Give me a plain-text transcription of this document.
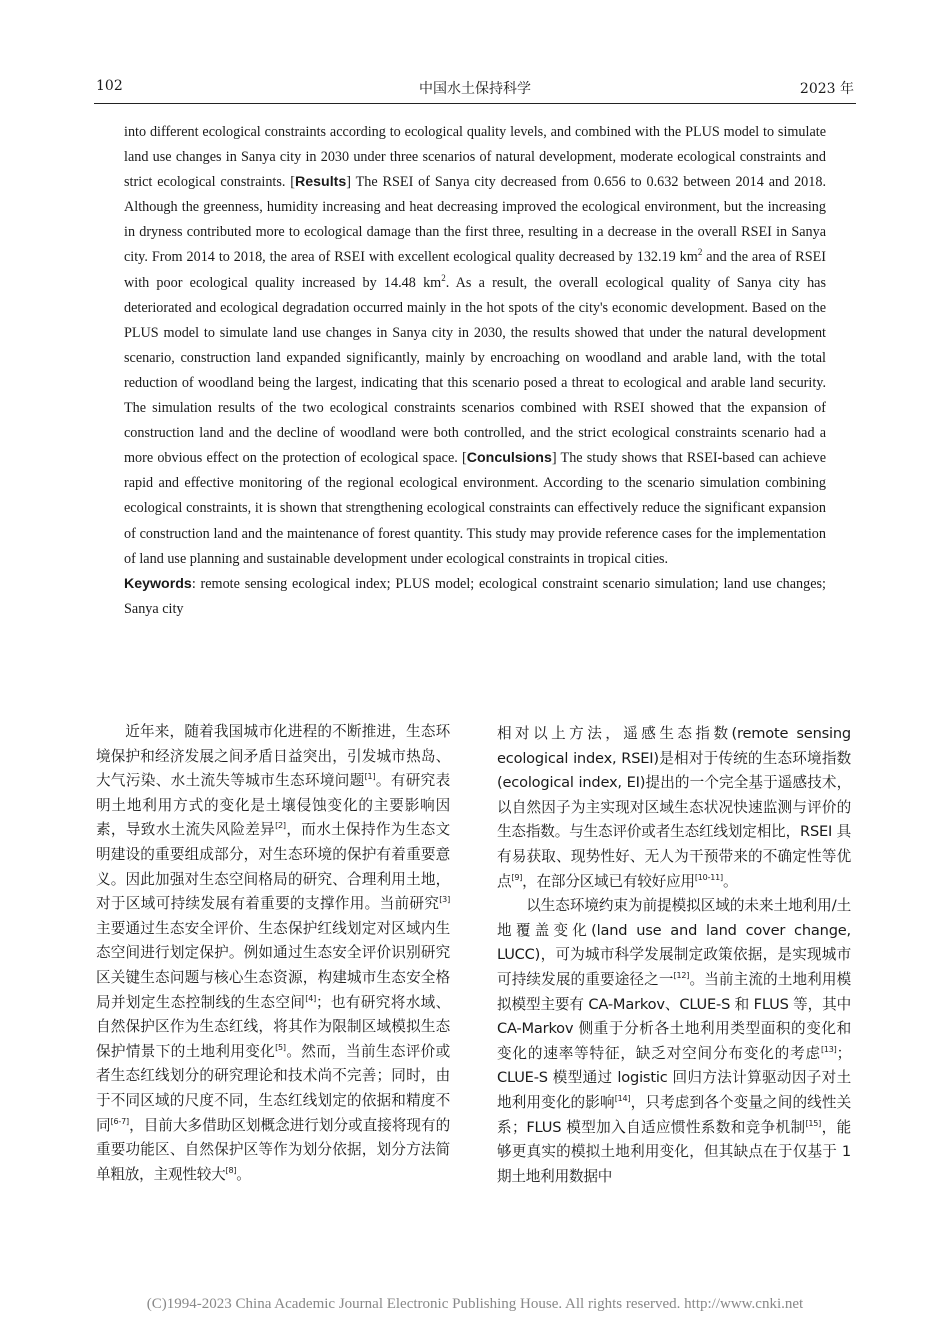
102	中国水土保持科学	2023 年

into different ecological constraints according to ecological quality levels, and combined with the PLUS model to simulate land use changes in Sanya city in 2030 under three scenarios of natural development, moderate ecological constraints and strict ecological constraints. [Results] The RSEI of Sanya city decreased from 0.656 to 0.632 between 2014 and 2018. Although the greenness, humidity increasing and heat decreasing improved the ecological environment, but the increasing in dryness contributed more to ecological damage than the first three, resulting in a decrease in the overall RSEI in Sanya city. From 2014 to 2018, the area of RSEI with excellent ecological quality decreased by 132.19 $km^2$ and the area of RSEI with poor ecological quality increased by 14.48 $km^2$. As a result, the overall ecological quality of Sanya city has deteriorated and ecological degradation occurred mainly in the hot spots of the city's economic development. Based on the PLUS model to simulate land use changes in Sanya city in 2030, the results showed that under the natural development scenario, construction land expanded significantly, mainly by encroaching on woodland and arable land, with the total reduction of woodland being the largest, indicating that this scenario posed a threat to ecological and arable land security. The simulation results of the two ecological constraints scenarios combined with RSEI showed that the expansion of construction land and the decline of woodland were both controlled, and the strict ecological constraints scenario had a more obvious effect on the protection of ecological space. [Conculsions] The study shows that RSEI-based can achieve rapid and effective monitoring of the regional ecological environment. According to the scenario simulation combining ecological constraints, it is shown that strengthening ecological constraints can effectively reduce the significant expansion of construction land and the maintenance of forest quantity. This study may provide reference cases for the implementation of land use planning and sustainable development under ecological constraints in tropical cities.

Keywords: remote sensing ecological index; PLUS model; ecological constraint scenario simulation; land use changes; Sanya city

近年来，随着我国城市化进程的不断推进，生态环境保护和经济发展之间矛盾日益突出，引发城市热岛、大气污染、水土流失等城市生态环境问题[1]。有研究表明土地利用方式的变化是土壤侵蚀变化的主要影响因素，导致水土流失风险差异[2]，而水土保持作为生态文明建设的重要组成部分，对生态环境的保护有着重要意义。因此加强对生态空间格局的研究、合理利用土地，对于区域可持续发展有着重要的支撑作用。当前研究[3]主要通过生态安全评价、生态保护红线划定对区域内生态空间进行划定保护。例如通过生态安全评价识别研究区关键生态问题与核心生态资源，构建城市生态安全格局并划定生态控制线的生态空间[4]；也有研究将水域、自然保护区作为生态红线，将其作为限制区域模拟生态保护情景下的土地利用变化[5]。然而，当前生态评价或者生态红线划分的研究理论和技术尚不完善；同时，由于不同区域的尺度不同，生态红线划定的依据和精度不同[6-7]，目前大多借助区划概念进行划分或直接将现有的重要功能区、自然保护区等作为划分依据，划分方法简单粗放，主观性较大[8]。

相对以上方法，遥感生态指数(remote sensing ecological index, RSEI)是相对于传统的生态环境指数(ecological index, EI)提出的一个完全基于遥感技术，以自然因子为主实现对区域生态状况快速监测与评价的生态指数。与生态评价或者生态红线划定相比，RSEI 具有易获取、现势性好、无人为干预带来的不确定性等优点[9]，在部分区域已有较好应用[10-11]。

以生态环境约束为前提模拟区域的未来土地利用/土地覆盖变化(land use and land cover change, LUCC)，可为城市科学发展制定政策依据，是实现城市可持续发展的重要途径之一[12]。当前主流的土地利用模拟模型主要有 CA-Markov、CLUE-S 和 FLUS 等，其中 CA-Markov 侧重于分析各土地利用类型面积的变化和变化的速率等特征，缺乏对空间分布变化的考虑[13]；CLUE-S 模型通过 logistic 回归方法计算驱动因子对土地利用变化的影响[14]，只考虑到各个变量之间的线性关系；FLUS 模型加入自适应惯性系数和竞争机制[15]，能够更真实的模拟土地利用变化，但其缺点在于仅基于 1 期土地利用数据中

(C)1994-2023 China Academic Journal Electronic Publishing House. All rights reserved. http://www.cnki.net
